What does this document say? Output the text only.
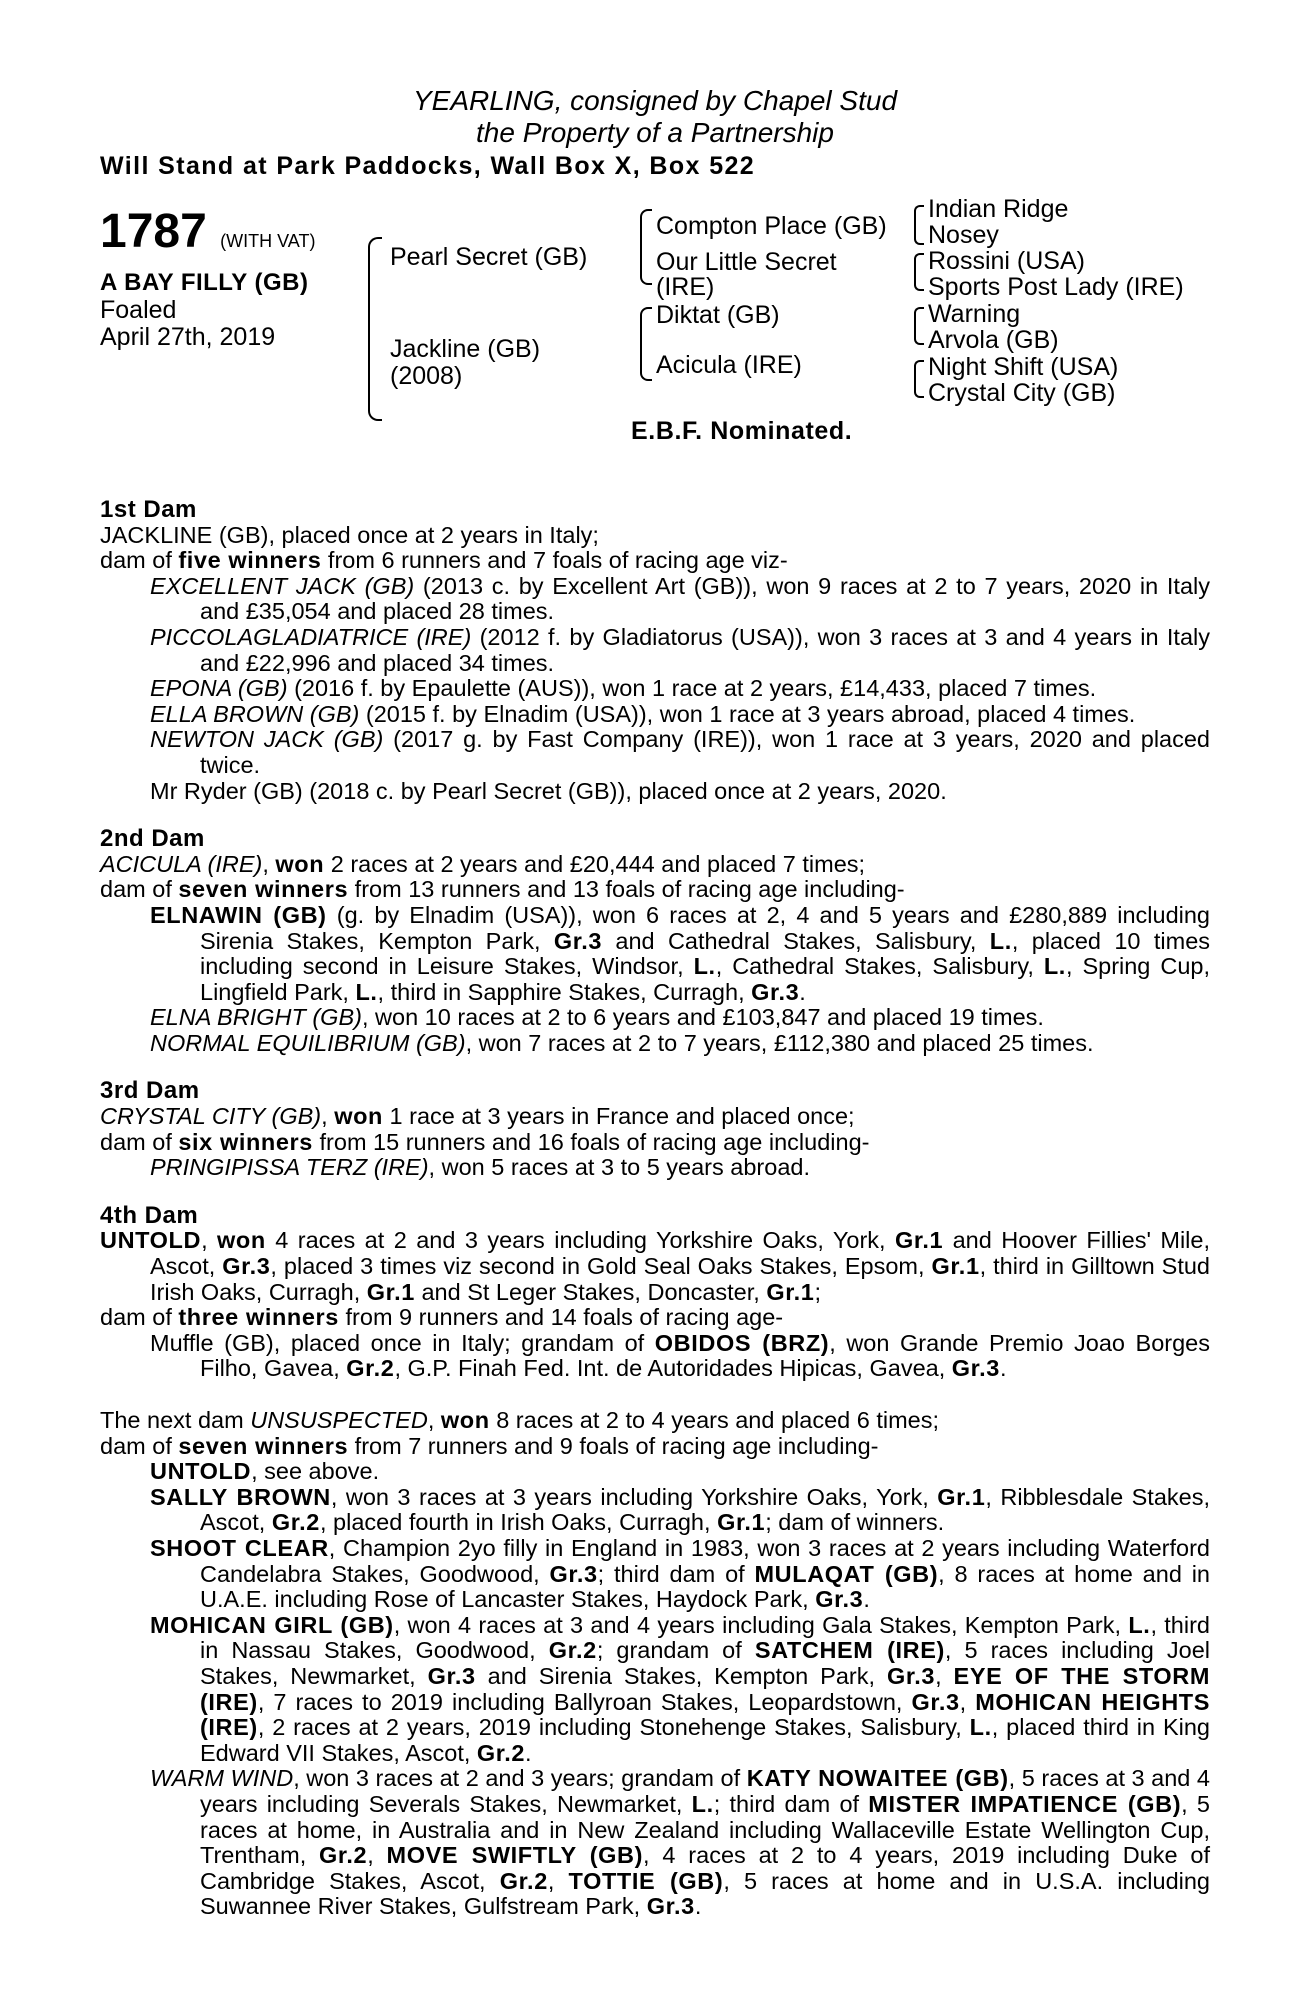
YEARLING, consigned by Chapel Stud
the Property of a Partnership
Will Stand at Park Paddocks, Wall Box X, Box 522
1787 (WITH VAT)
A BAY FILLY (GB)
Foaled
April 27th, 2019
Pearl Secret (GB)
Jackline (GB)
(2008)
Compton Place (GB)
Our Little Secret
(IRE)
Diktat (GB)
Acicula (IRE)
Indian Ridge
Nosey
Rossini (USA)
Sports Post Lady (IRE)
Warning
Arvola (GB)
Night Shift (USA)
Crystal City (GB)
E.B.F. Nominated.
1st Dam
JACKLINE (GB), placed once at 2 years in Italy;
dam of five winners from 6 runners and 7 foals of racing age viz-
EXCELLENT JACK (GB) (2013 c. by Excellent Art (GB)), won 9 races at 2 to 7 years, 2020 in Italy and £35,054 and placed 28 times.
PICCOLAGLADIATRICE (IRE) (2012 f. by Gladiatorus (USA)), won 3 races at 3 and 4 years in Italy and £22,996 and placed 34 times.
EPONA (GB) (2016 f. by Epaulette (AUS)), won 1 race at 2 years, £14,433, placed 7 times.
ELLA BROWN (GB) (2015 f. by Elnadim (USA)), won 1 race at 3 years abroad, placed 4 times.
NEWTON JACK (GB) (2017 g. by Fast Company (IRE)), won 1 race at 3 years, 2020 and placed twice.
Mr Ryder (GB) (2018 c. by Pearl Secret (GB)), placed once at 2 years, 2020.
2nd Dam
ACICULA (IRE), won 2 races at 2 years and £20,444 and placed 7 times;
dam of seven winners from 13 runners and 13 foals of racing age including-
ELNAWIN (GB) (g. by Elnadim (USA)), won 6 races at 2, 4 and 5 years and £280,889 including Sirenia Stakes, Kempton Park, Gr.3 and Cathedral Stakes, Salisbury, L., placed 10 times including second in Leisure Stakes, Windsor, L., Cathedral Stakes, Salisbury, L., Spring Cup, Lingfield Park, L., third in Sapphire Stakes, Curragh, Gr.3.
ELNA BRIGHT (GB), won 10 races at 2 to 6 years and £103,847 and placed 19 times.
NORMAL EQUILIBRIUM (GB), won 7 races at 2 to 7 years, £112,380 and placed 25 times.
3rd Dam
CRYSTAL CITY (GB), won 1 race at 3 years in France and placed once;
dam of six winners from 15 runners and 16 foals of racing age including-
PRINGIPISSA TERZ (IRE), won 5 races at 3 to 5 years abroad.
4th Dam
UNTOLD, won 4 races at 2 and 3 years including Yorkshire Oaks, York, Gr.1 and Hoover Fillies' Mile, Ascot, Gr.3, placed 3 times viz second in Gold Seal Oaks Stakes, Epsom, Gr.1, third in Gilltown Stud Irish Oaks, Curragh, Gr.1 and St Leger Stakes, Doncaster, Gr.1;
dam of three winners from 9 runners and 14 foals of racing age-
Muffle (GB), placed once in Italy; grandam of OBIDOS (BRZ), won Grande Premio Joao Borges Filho, Gavea, Gr.2, G.P. Finah Fed. Int. de Autoridades Hipicas, Gavea, Gr.3.
The next dam UNSUSPECTED, won 8 races at 2 to 4 years and placed 6 times;
dam of seven winners from 7 runners and 9 foals of racing age including-
UNTOLD, see above.
SALLY BROWN, won 3 races at 3 years including Yorkshire Oaks, York, Gr.1, Ribblesdale Stakes, Ascot, Gr.2, placed fourth in Irish Oaks, Curragh, Gr.1; dam of winners.
SHOOT CLEAR, Champion 2yo filly in England in 1983, won 3 races at 2 years including Waterford Candelabra Stakes, Goodwood, Gr.3; third dam of MULAQAT (GB), 8 races at home and in U.A.E. including Rose of Lancaster Stakes, Haydock Park, Gr.3.
MOHICAN GIRL (GB), won 4 races at 3 and 4 years including Gala Stakes, Kempton Park, L., third in Nassau Stakes, Goodwood, Gr.2; grandam of SATCHEM (IRE), 5 races including Joel Stakes, Newmarket, Gr.3 and Sirenia Stakes, Kempton Park, Gr.3, EYE OF THE STORM (IRE), 7 races to 2019 including Ballyroan Stakes, Leopardstown, Gr.3, MOHICAN HEIGHTS (IRE), 2 races at 2 years, 2019 including Stonehenge Stakes, Salisbury, L., placed third in King Edward VII Stakes, Ascot, Gr.2.
WARM WIND, won 3 races at 2 and 3 years; grandam of KATY NOWAITEE (GB), 5 races at 3 and 4 years including Severals Stakes, Newmarket, L.; third dam of MISTER IMPATIENCE (GB), 5 races at home, in Australia and in New Zealand including Wallaceville Estate Wellington Cup, Trentham, Gr.2, MOVE SWIFTLY (GB), 4 races at 2 to 4 years, 2019 including Duke of Cambridge Stakes, Ascot, Gr.2, TOTTIE (GB), 5 races at home and in U.S.A. including Suwannee River Stakes, Gulfstream Park, Gr.3.
